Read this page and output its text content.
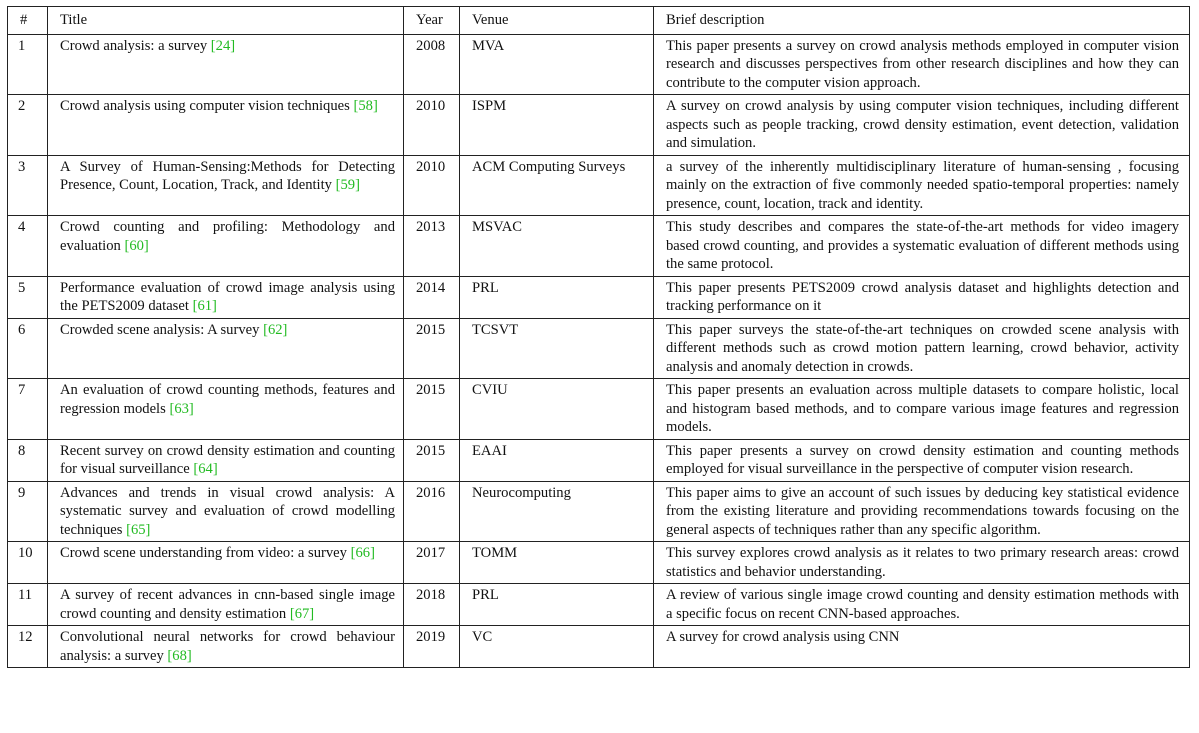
#	Title	Year	Venue	Brief description
1	Crowd analysis: a survey [24]	2008	MVA	This paper presents a survey on crowd analysis methods employed in computer vision research and discusses perspectives from other research disciplines and how they can contribute to the computer vision approach.
2	Crowd analysis using computer vision techniques [58]	2010	ISPM	A survey on crowd analysis by using computer vision techniques, including different aspects such as people tracking, crowd density estimation, event detection, validation and simulation.
3	A Survey of Human-Sensing:Methods for Detecting Presence, Count, Location, Track, and Identity [59]	2010	ACM Computing Surveys	a survey of the inherently multidisciplinary literature of human-sensing , focusing mainly on the extraction of five commonly needed spatio-temporal properties: namely presence, count, location, track and identity.
4	Crowd counting and profiling: Methodology and evaluation [60]	2013	MSVAC	This study describes and compares the state-of-the-art methods for video imagery based crowd counting, and provides a systematic evaluation of different methods using the same protocol.
5	Performance evaluation of crowd image analysis using the PETS2009 dataset [61]	2014	PRL	This paper presents PETS2009 crowd analysis dataset and highlights detection and tracking performance on it
6	Crowded scene analysis: A survey [62]	2015	TCSVT	This paper surveys the state-of-the-art techniques on crowded scene analysis with different methods such as crowd motion pattern learning, crowd behavior, activity analysis and anomaly detection in crowds.
7	An evaluation of crowd counting methods, features and regression models [63]	2015	CVIU	This paper presents an evaluation across multiple datasets to compare holistic, local and histogram based methods, and to compare various image features and regression models.
8	Recent survey on crowd density estimation and counting for visual surveillance [64]	2015	EAAI	This paper presents a survey on crowd density estimation and counting methods employed for visual surveillance in the perspective of computer vision research.
9	Advances and trends in visual crowd analysis: A systematic survey and evaluation of crowd modelling techniques [65]	2016	Neurocomputing	This paper aims to give an account of such issues by deducing key statistical evidence from the existing literature and providing recommendations towards focusing on the general aspects of techniques rather than any specific algorithm.
10	Crowd scene understanding from video: a survey [66]	2017	TOMM	This survey explores crowd analysis as it relates to two primary research areas: crowd statistics and behavior understanding.
11	A survey of recent advances in cnn-based single image crowd counting and density estimation [67]	2018	PRL	A review of various single image crowd counting and density estimation methods with a specific focus on recent CNN-based approaches.
12	Convolutional neural networks for crowd behaviour analysis: a survey [68]	2019	VC	A survey for crowd analysis using CNN
